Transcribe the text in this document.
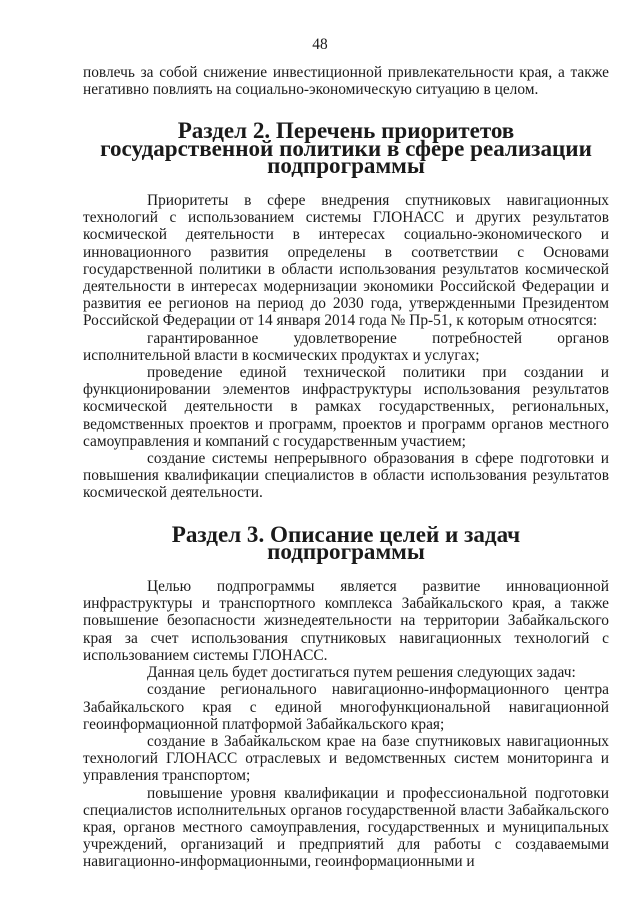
48

повлечь за собой снижение инвестиционной привлекательности края, а также негативно повлиять на социально-экономическую ситуацию в целом.

Раздел 2. Перечень приоритетов государственной политики в сфере реализации подпрограммы

Приоритеты в сфере внедрения спутниковых навигационных технологий с использованием системы ГЛОНАСС и других результатов космической деятельности в интересах социально-экономического и инновационного развития определены в соответствии с Основами государственной политики в области использования результатов космической деятельности в интересах модернизации экономики Российской Федерации и развития ее регионов на период до 2030 года, утвержденными Президентом Российской Федерации от 14 января 2014 года № Пр-51, к которым относятся:

гарантированное удовлетворение потребностей органов исполнительной власти в космических продуктах и услугах;

проведение единой технической политики при создании и функционировании элементов инфраструктуры использования результатов космической деятельности в рамках государственных, региональных, ведомственных проектов и программ, проектов и программ органов местного самоуправления и компаний с государственным участием;

создание системы непрерывного образования в сфере подготовки и повышения квалификации специалистов в области использования результатов космической деятельности.

Раздел 3. Описание целей и задач подпрограммы

Целью подпрограммы является развитие инновационной инфраструктуры и транспортного комплекса Забайкальского края, а также повышение безопасности жизнедеятельности на территории Забайкальского края за счет использования спутниковых навигационных технологий с использованием системы ГЛОНАСС.

Данная цель будет достигаться путем решения следующих задач:

создание регионального навигационно-информационного центра Забайкальского края с единой многофункциональной навигационной геоинформационной платформой Забайкальского края;

создание в Забайкальском крае на базе спутниковых навигационных технологий ГЛОНАСС отраслевых и ведомственных систем мониторинга и управления транспортом;

повышение уровня квалификации и профессиональной подготовки специалистов исполнительных органов государственной власти Забайкальского края, органов местного самоуправления, государственных и муниципальных учреждений, организаций и предприятий для работы с создаваемыми навигационно-информационными, геоинформационными и
